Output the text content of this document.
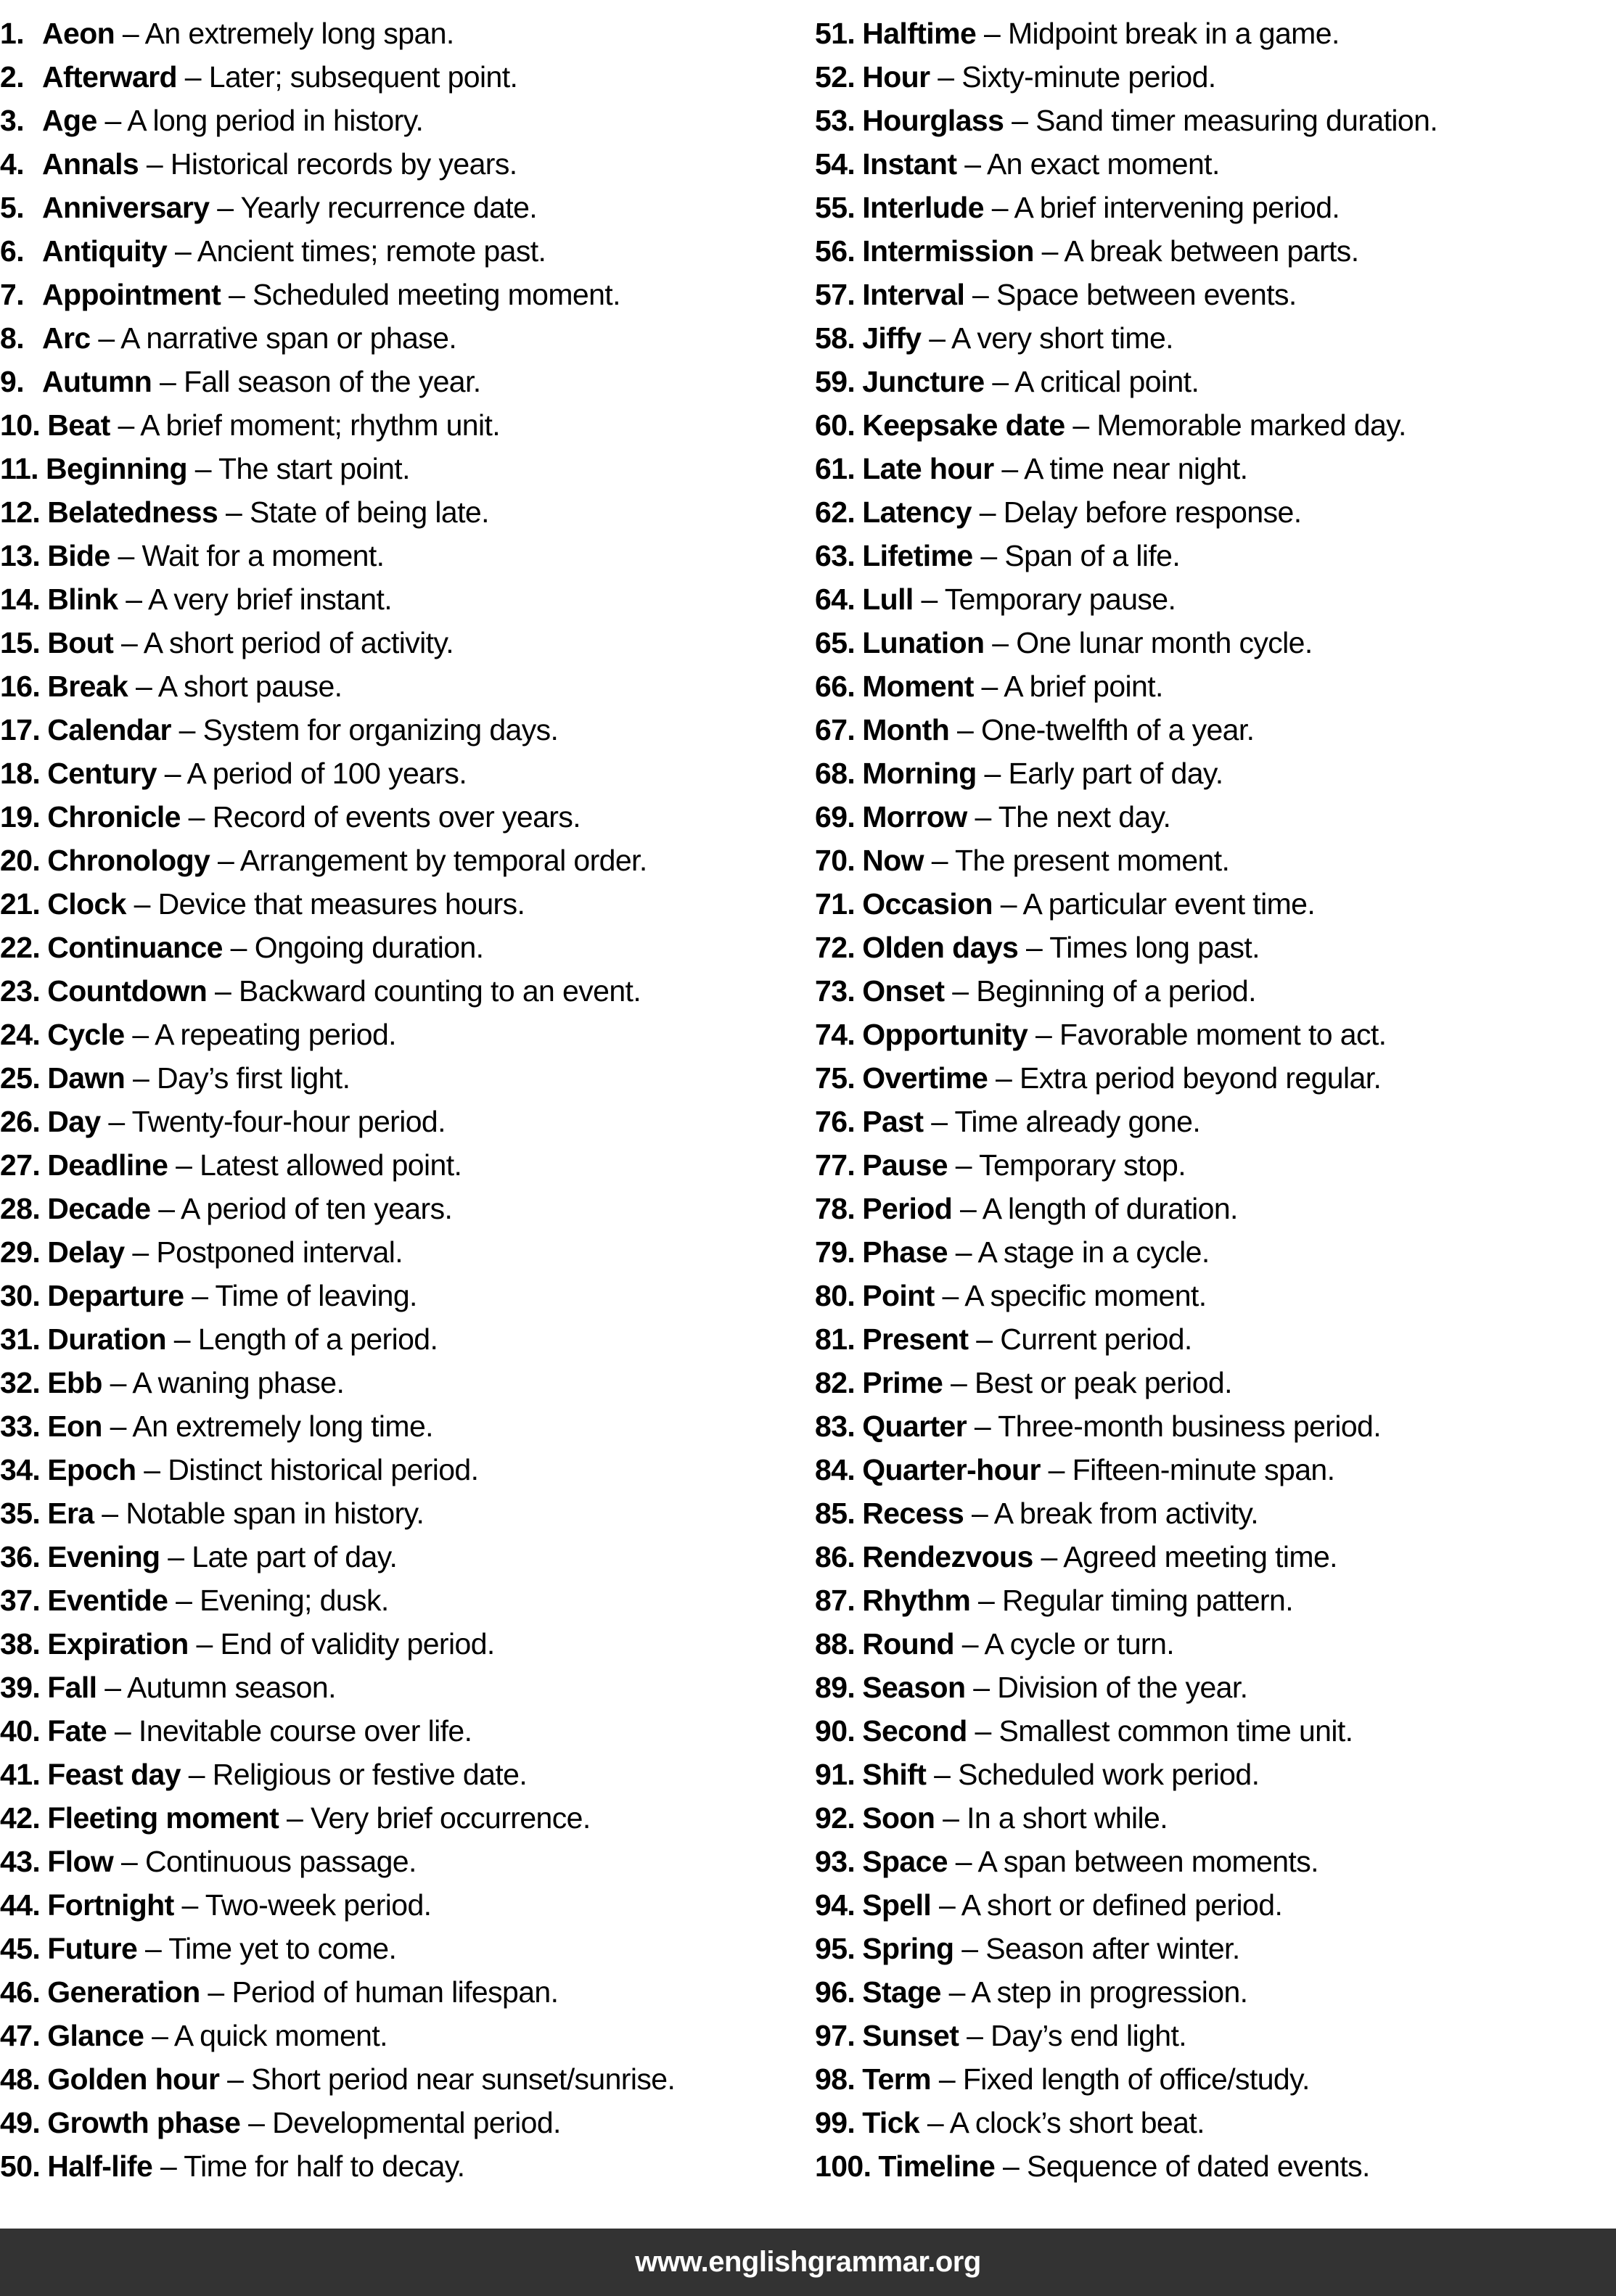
1. Aeon – An extremely long span.
2. Afterward – Later; subsequent point.
3. Age – A long period in history.
4. Annals – Historical records by years.
5. Anniversary – Yearly recurrence date.
6. Antiquity – Ancient times; remote past.
7. Appointment – Scheduled meeting moment.
8. Arc – A narrative span or phase.
9. Autumn – Fall season of the year.
10. Beat – A brief moment; rhythm unit.
11. Beginning – The start point.
12. Belatedness – State of being late.
13. Bide – Wait for a moment.
14. Blink – A very brief instant.
15. Bout – A short period of activity.
16. Break – A short pause.
17. Calendar – System for organizing days.
18. Century – A period of 100 years.
19. Chronicle – Record of events over years.
20. Chronology – Arrangement by temporal order.
21. Clock – Device that measures hours.
22. Continuance – Ongoing duration.
23. Countdown – Backward counting to an event.
24. Cycle – A repeating period.
25. Dawn – Day’s first light.
26. Day – Twenty-four-hour period.
27. Deadline – Latest allowed point.
28. Decade – A period of ten years.
29. Delay – Postponed interval.
30. Departure – Time of leaving.
31. Duration – Length of a period.
32. Ebb – A waning phase.
33. Eon – An extremely long time.
34. Epoch – Distinct historical period.
35. Era – Notable span in history.
36. Evening – Late part of day.
37. Eventide – Evening; dusk.
38. Expiration – End of validity period.
39. Fall – Autumn season.
40. Fate – Inevitable course over life.
41. Feast day – Religious or festive date.
42. Fleeting moment – Very brief occurrence.
43. Flow – Continuous passage.
44. Fortnight – Two-week period.
45. Future – Time yet to come.
46. Generation – Period of human lifespan.
47. Glance – A quick moment.
48. Golden hour – Short period near sunset/sunrise.
49. Growth phase – Developmental period.
50. Half-life – Time for half to decay.
51. Halftime – Midpoint break in a game.
52. Hour – Sixty-minute period.
53. Hourglass – Sand timer measuring duration.
54. Instant – An exact moment.
55. Interlude – A brief intervening period.
56. Intermission – A break between parts.
57. Interval – Space between events.
58. Jiffy – A very short time.
59. Juncture – A critical point.
60. Keepsake date – Memorable marked day.
61. Late hour – A time near night.
62. Latency – Delay before response.
63. Lifetime – Span of a life.
64. Lull – Temporary pause.
65. Lunation – One lunar month cycle.
66. Moment – A brief point.
67. Month – One-twelfth of a year.
68. Morning – Early part of day.
69. Morrow – The next day.
70. Now – The present moment.
71. Occasion – A particular event time.
72. Olden days – Times long past.
73. Onset – Beginning of a period.
74. Opportunity – Favorable moment to act.
75. Overtime – Extra period beyond regular.
76. Past – Time already gone.
77. Pause – Temporary stop.
78. Period – A length of duration.
79. Phase – A stage in a cycle.
80. Point – A specific moment.
81. Present – Current period.
82. Prime – Best or peak period.
83. Quarter – Three-month business period.
84. Quarter-hour – Fifteen-minute span.
85. Recess – A break from activity.
86. Rendezvous – Agreed meeting time.
87. Rhythm – Regular timing pattern.
88. Round – A cycle or turn.
89. Season – Division of the year.
90. Second – Smallest common time unit.
91. Shift – Scheduled work period.
92. Soon – In a short while.
93. Space – A span between moments.
94. Spell – A short or defined period.
95. Spring – Season after winter.
96. Stage – A step in progression.
97. Sunset – Day’s end light.
98. Term – Fixed length of office/study.
99. Tick – A clock’s short beat.
100. Timeline – Sequence of dated events.
www.englishgrammar.org
